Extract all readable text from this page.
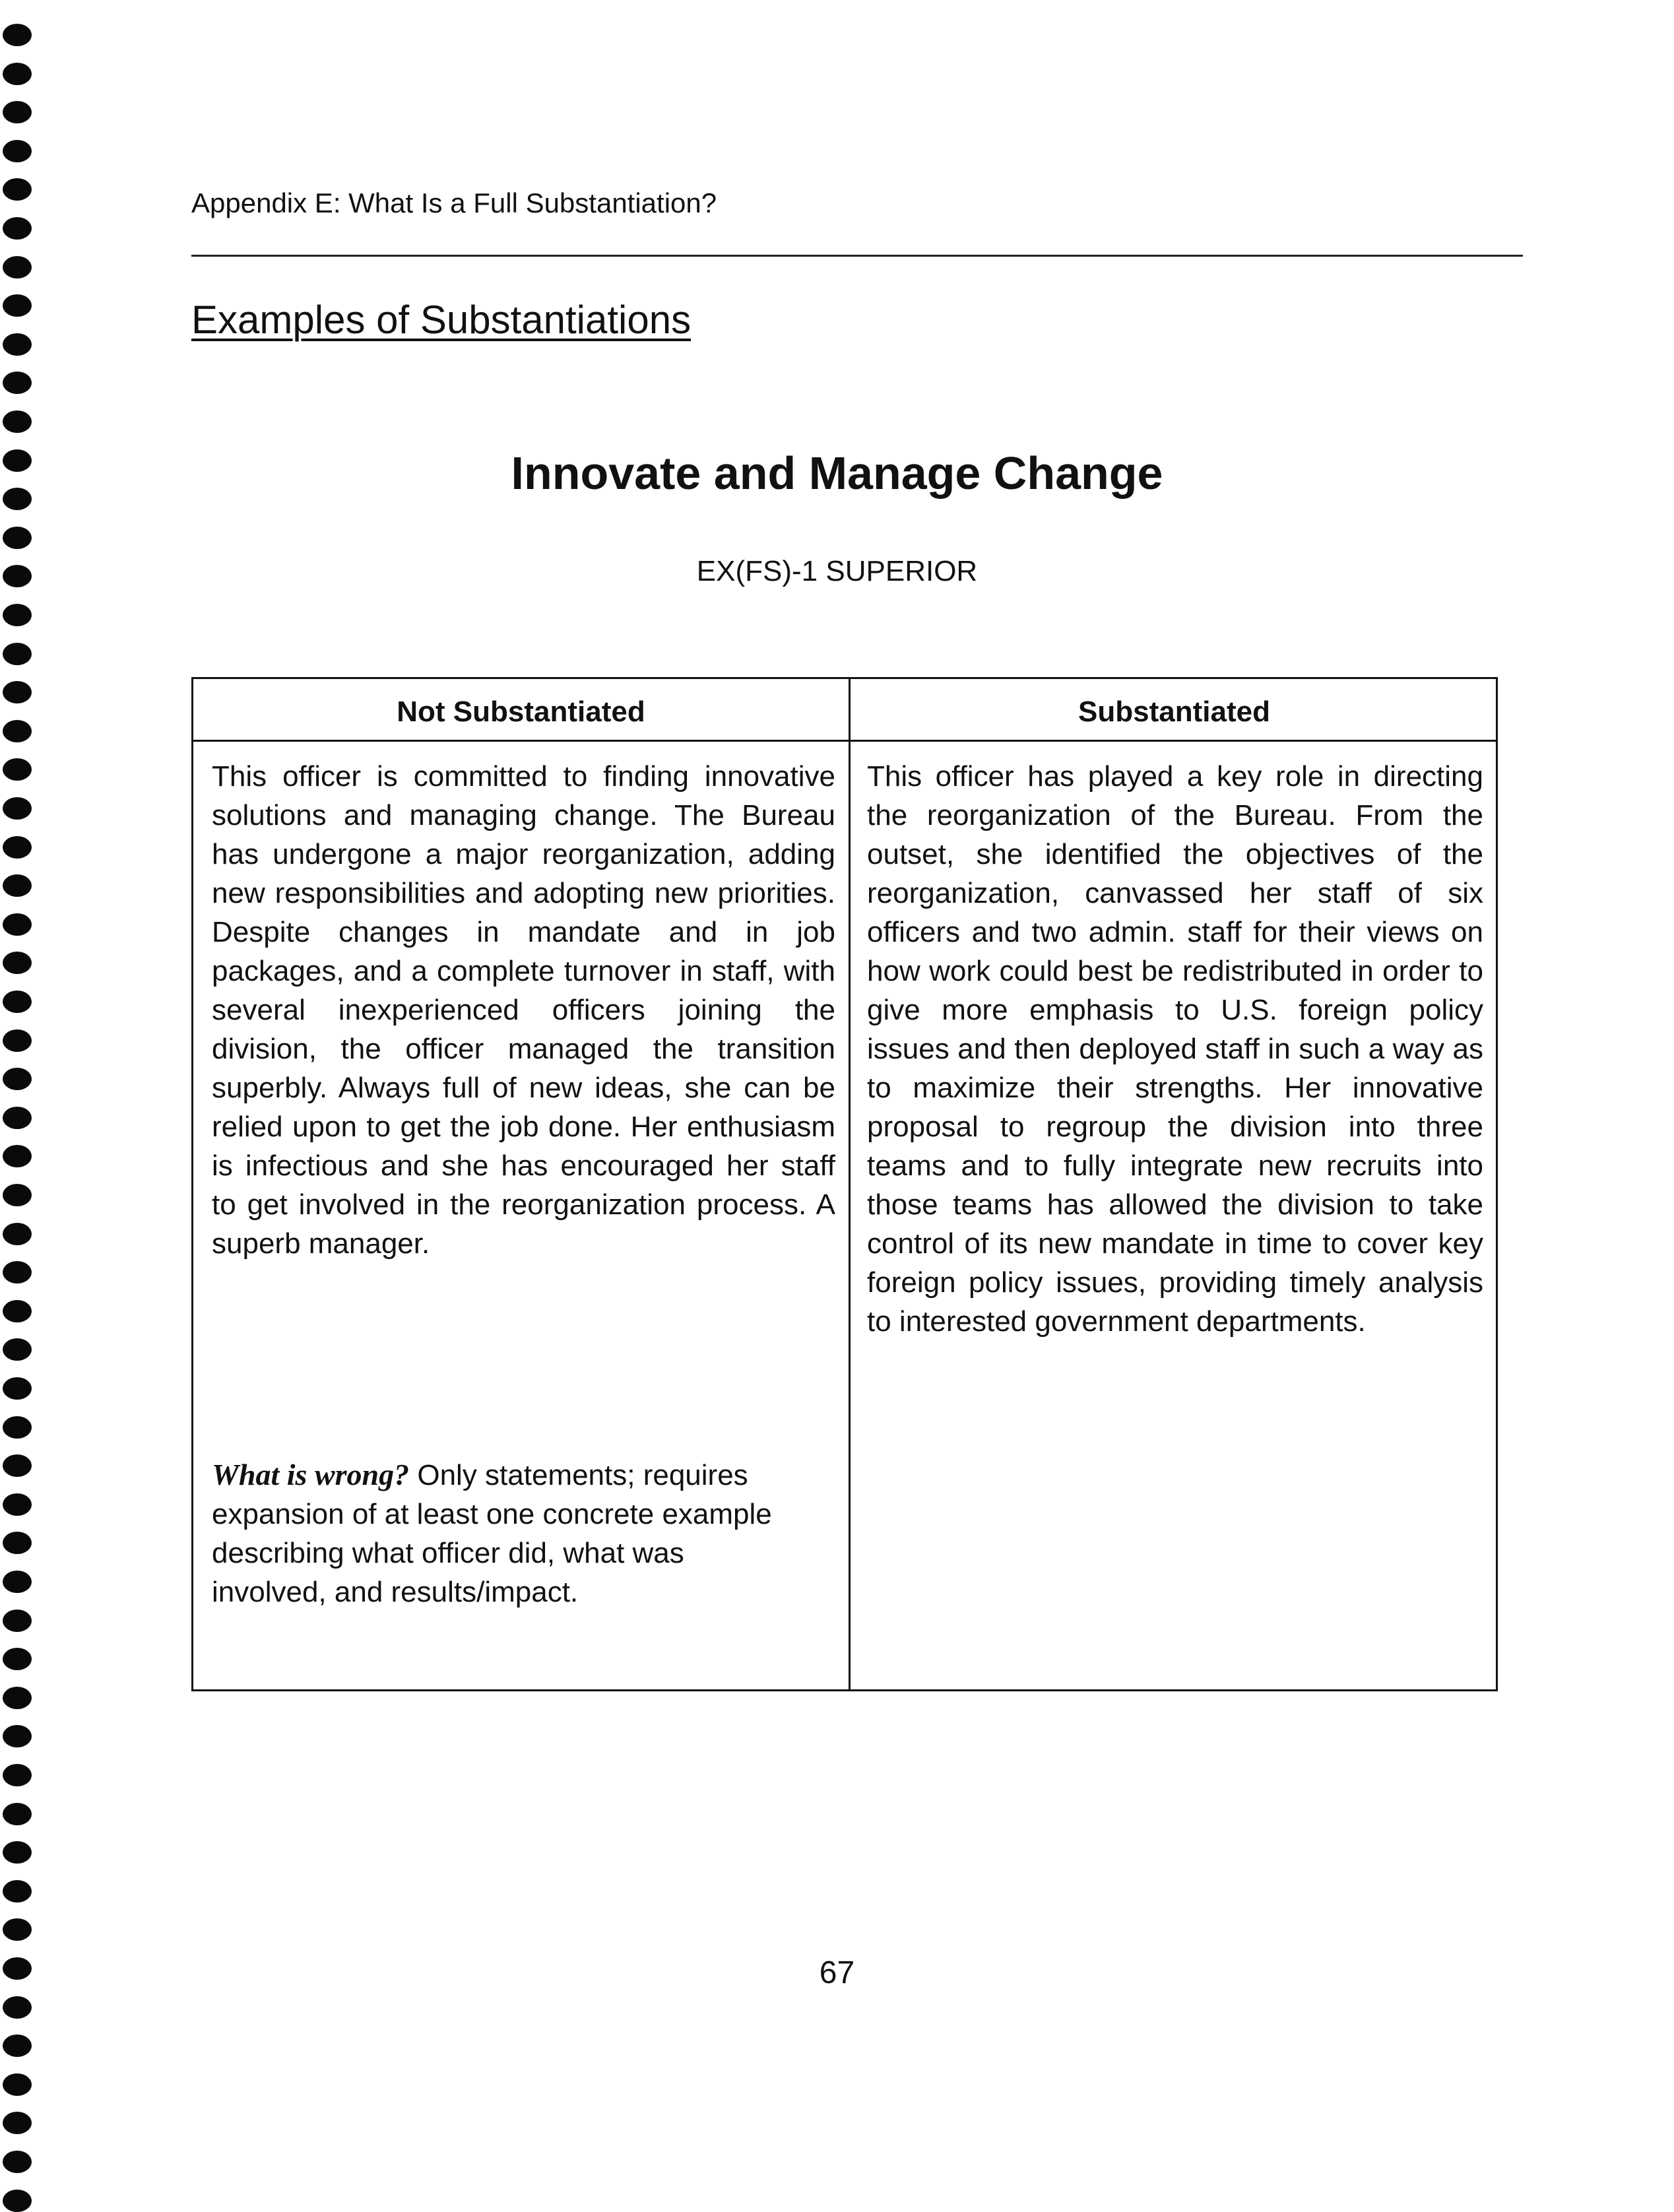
Appendix E: What Is a Full Substantiation?
Examples of Substantiations
Innovate and Manage Change
EX(FS)-1 SUPERIOR
Not Substantiated	Substantiated
This officer is committed to finding innovative solutions and managing change. The Bureau has undergone a major reorganization, adding new responsibilities and adopting new priorities. Despite changes in mandate and in job packages, and a complete turnover in staff, with several inexperienced officers joining the division, the officer managed the transition superbly. Always full of new ideas, she can be relied upon to get the job done. Her enthusiasm is infectious and she has encouraged her staff to get involved in the reorganization process. A superb manager.
What is wrong? Only statements; requires expansion of at least one concrete example describing what officer did, what was involved, and results/impact.
This officer has played a key role in directing the reorganization of the Bureau. From the outset, she identified the objectives of the reorganization, canvassed her staff of six officers and two admin. staff for their views on how work could best be redistributed in order to give more emphasis to U.S. foreign policy issues and then deployed staff in such a way as to maximize their strengths. Her innovative proposal to regroup the division into three teams and to fully integrate new recruits into those teams has allowed the division to take control of its new mandate in time to cover key foreign policy issues, providing timely analysis to interested government departments.
67
